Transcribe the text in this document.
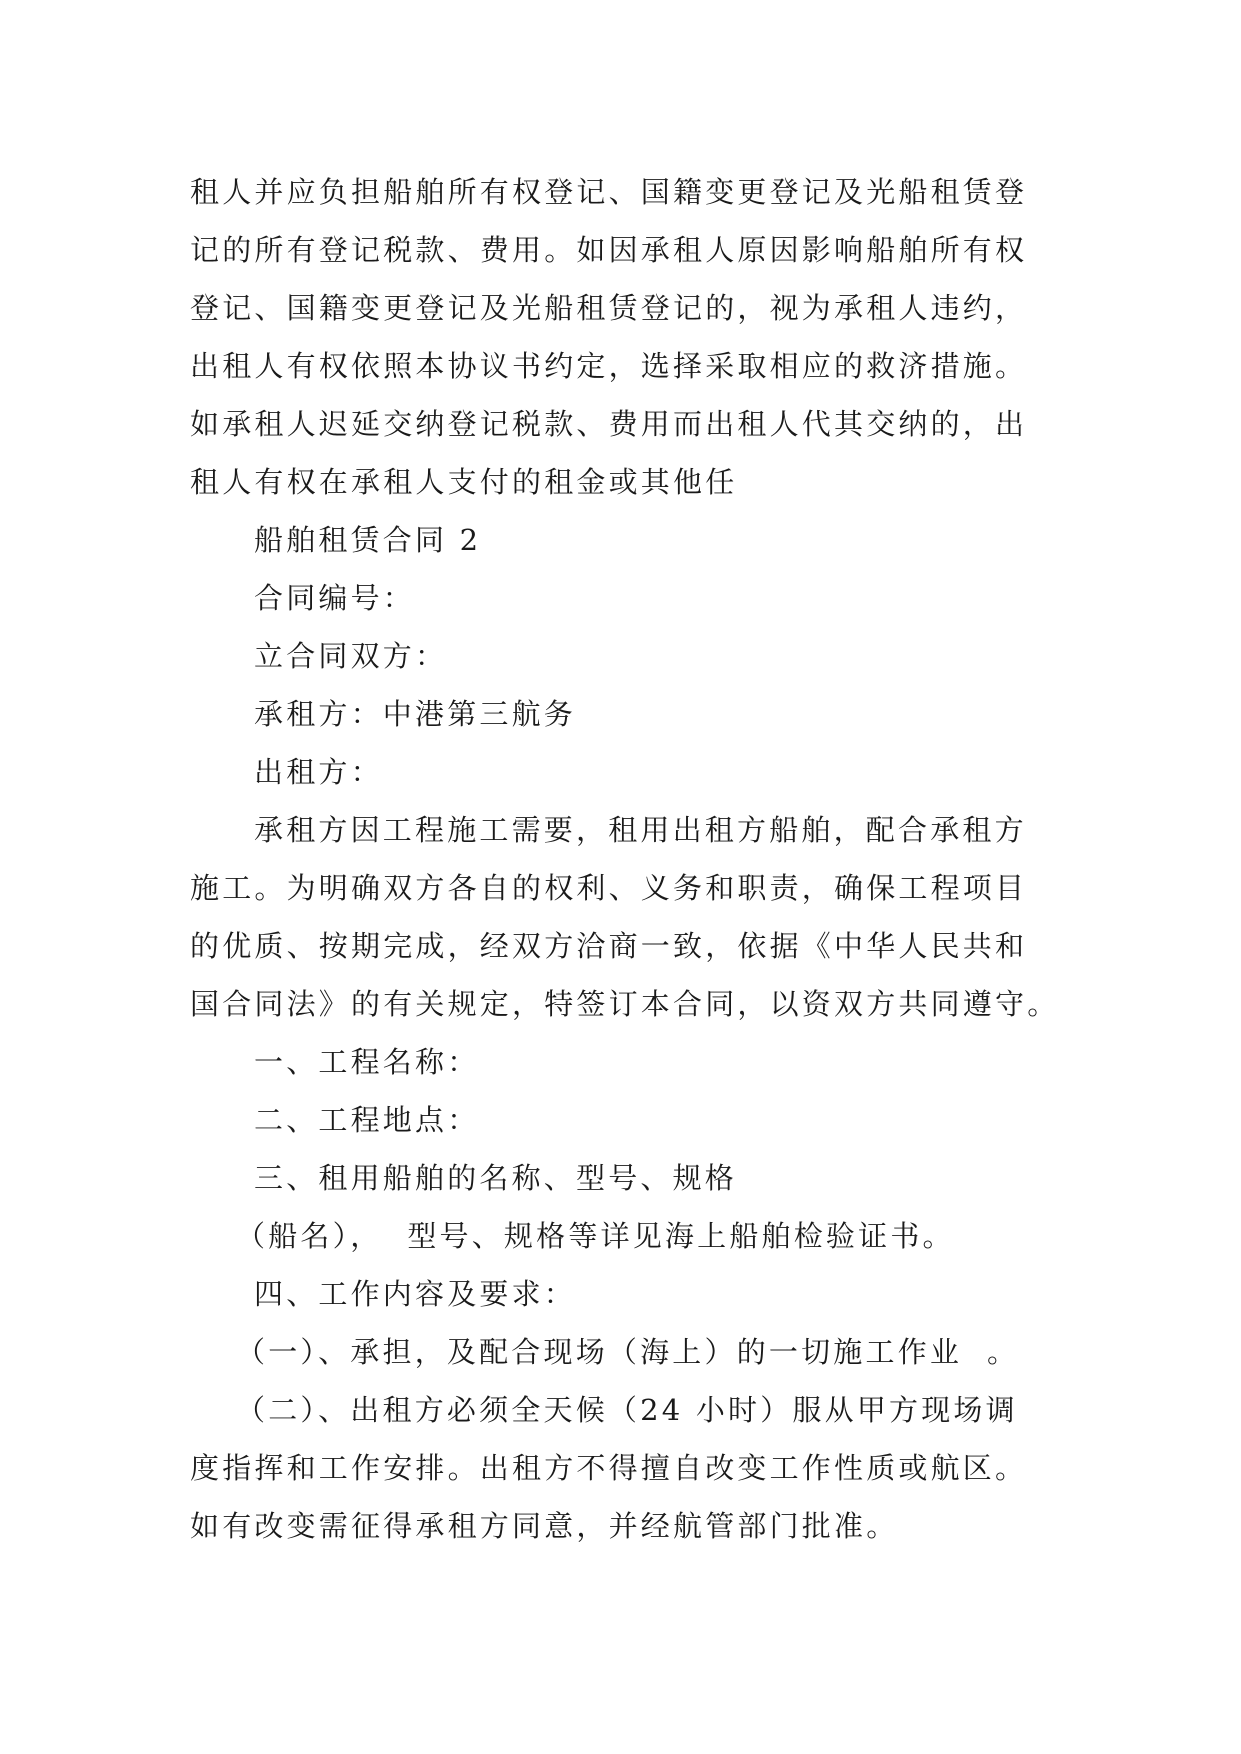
租人并应负担船舶所有权登记、国籍变更登记及光船租赁登
记的所有登记税款、费用。如因承租人原因影响船舶所有权
登记、国籍变更登记及光船租赁登记的，视为承租人违约，
出租人有权依照本协议书约定，选择采取相应的救济措施。
如承租人迟延交纳登记税款、费用而出租人代其交纳的，出
租人有权在承租人支付的租金或其他任
船舶租赁合同 2
合同编号：
立合同双方：
承租方：中港第三航务
出租方：
承租方因工程施工需要，租用出租方船舶，配合承租方
施工。为明确双方各自的权利、义务和职责，确保工程项目
的优质、按期完成，经双方洽商一致，依据《中华人民共和
国合同法》的有关规定，特签订本合同，以资双方共同遵守。
一、工程名称：
二、工程地点：
三、租用船舶的名称、型号、规格
（船名），  型号、规格等详见海上船舶检验证书。
四、工作内容及要求：
（一）、承担，及配合现场（海上）的一切施工作业  。
（二）、出租方必须全天候（24 小时）服从甲方现场调
度指挥和工作安排。出租方不得擅自改变工作性质或航区。
如有改变需征得承租方同意，并经航管部门批准。
